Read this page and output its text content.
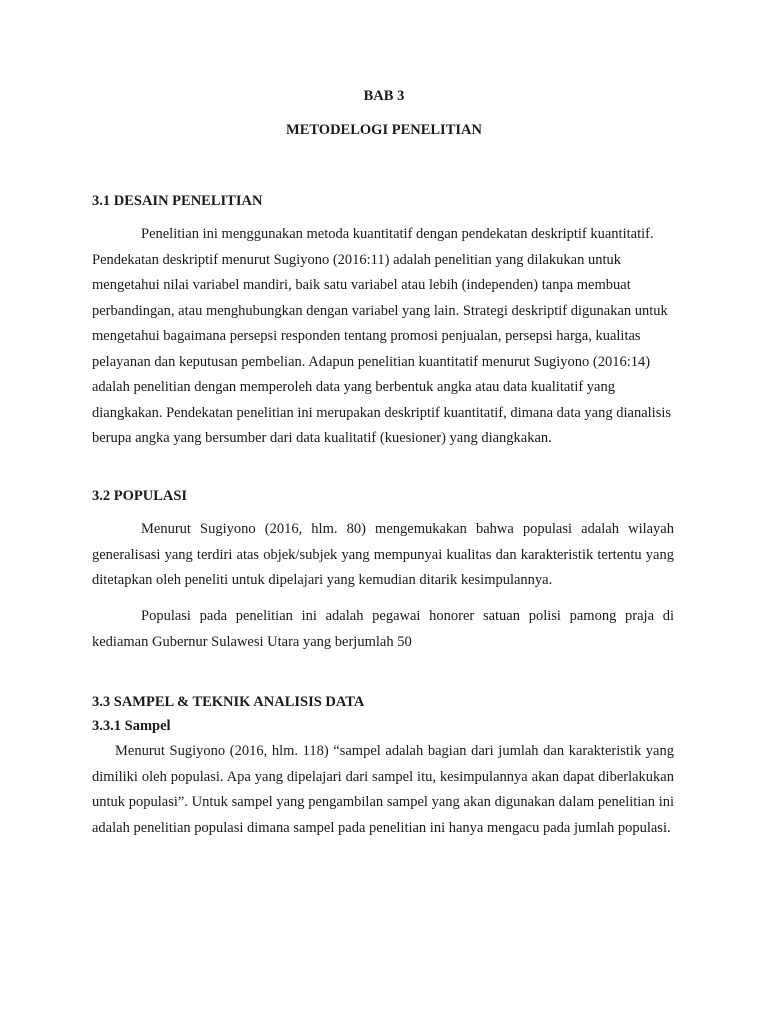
BAB 3

METODELOGI PENELITIAN

3.1 DESAIN PENELITIAN

Penelitian ini menggunakan metoda kuantitatif dengan pendekatan deskriptif kuantitatif. Pendekatan deskriptif menurut Sugiyono (2016:11) adalah penelitian yang dilakukan untuk mengetahui nilai variabel mandiri, baik satu variabel atau lebih (independen) tanpa membuat perbandingan, atau menghubungkan dengan variabel yang lain. Strategi deskriptif digunakan untuk mengetahui bagaimana persepsi responden tentang promosi penjualan, persepsi harga, kualitas pelayanan dan keputusan pembelian. Adapun penelitian kuantitatif menurut Sugiyono (2016:14) adalah penelitian dengan memperoleh data yang berbentuk angka atau data kualitatif yang diangkakan. Pendekatan penelitian ini merupakan deskriptif kuantitatif, dimana data yang dianalisis berupa angka yang bersumber dari data kualitatif (kuesioner) yang diangkakan.

3.2 POPULASI

Menurut Sugiyono (2016, hlm. 80) mengemukakan bahwa populasi adalah wilayah generalisasi yang terdiri atas objek/subjek yang mempunyai kualitas dan karakteristik tertentu yang ditetapkan oleh peneliti untuk dipelajari yang kemudian ditarik kesimpulannya.

Populasi pada penelitian ini adalah pegawai honorer satuan polisi pamong praja di kediaman Gubernur Sulawesi Utara yang berjumlah 50

3.3 SAMPEL & TEKNIK ANALISIS DATA

3.3.1 Sampel

Menurut Sugiyono (2016, hlm. 118) “sampel adalah bagian dari jumlah dan karakteristik yang dimiliki oleh populasi. Apa yang dipelajari dari sampel itu, kesimpulannya akan dapat diberlakukan untuk populasi”. Untuk sampel yang pengambilan sampel yang akan digunakan dalam penelitian ini adalah penelitian populasi dimana sampel pada penelitian ini hanya mengacu pada jumlah populasi.
